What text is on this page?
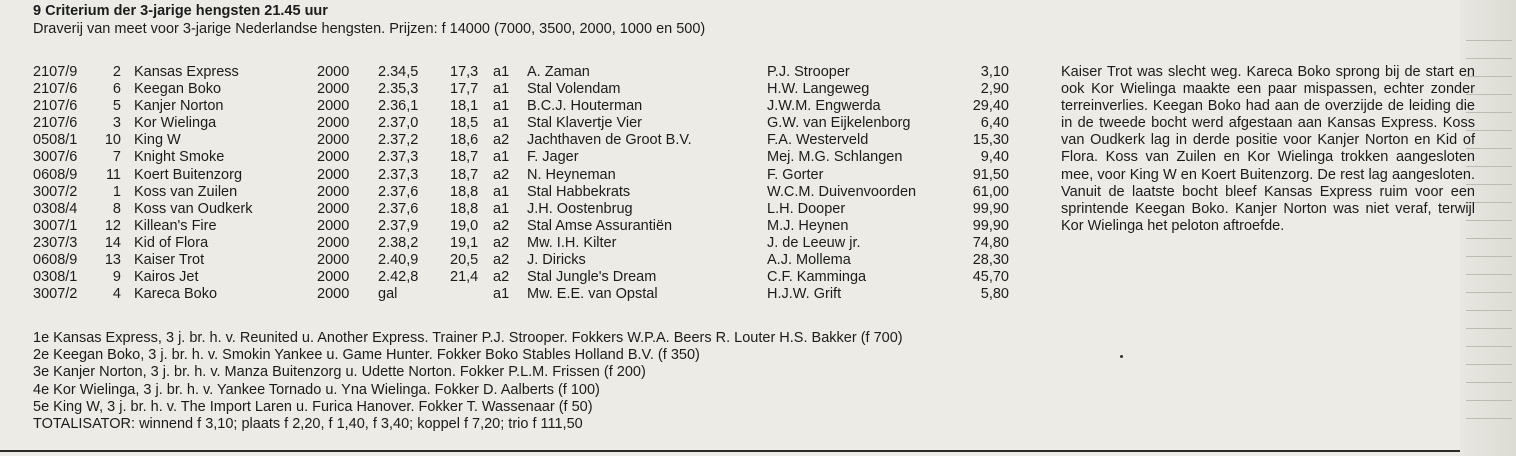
9 Criterium der 3-jarige hengsten 21.45 uur
Draverij van meet voor 3-jarige Nederlandse hengsten. Prijzen: f 14000 (7000, 3500, 2000, 1000 en 500)
2107/9	2 Kansas Express	2000 2.34,5 17,3 a1 A. Zaman	P.J. Strooper	3,10
2107/6	6 Keegan Boko	2000 2.35,3 17,7 a1 Stal Volendam	H.W. Langeweg	2,90
2107/6	5 Kanjer Norton	2000 2.36,1 18,1 a1 B.C.J. Houterman	J.W.M. Engwerda	29,40
2107/6	3 Kor Wielinga	2000 2.37,0 18,5 a1 Stal Klavertje Vier	G.W. van Eijkelenborg	6,40
0508/1	10 King W	2000 2.37,2 18,6 a2 Jachthaven de Groot B.V.	F.A. Westerveld	15,30
3007/6	7 Knight Smoke	2000 2.37,3 18,7 a1 F. Jager	Mej. M.G. Schlangen	9,40
0608/9	11 Koert Buitenzorg	2000 2.37,3 18,7 a2 N. Heyneman	F. Gorter	91,50
3007/2	1 Koss van Zuilen	2000 2.37,6 18,8 a1 Stal Habbekrats	W.C.M. Duivenvoorden	61,00
0308/4	8 Koss van Oudkerk	2000 2.37,6 18,8 a1 J.H. Oostenbrug	L.H. Dooper	99,90
3007/1	12 Killean's Fire	2000 2.37,9 19,0 a2 Stal Amse Assurantiën	M.J. Heynen	99,90
2307/3	14 Kid of Flora	2000 2.38,2 19,1 a2 Mw. I.H. Kilter	J. de Leeuw jr.	74,80
0608/9	13 Kaiser Trot	2000 2.40,9 20,5 a2 J. Diricks	A.J. Mollema	28,30
0308/1	9 Kairos Jet	2000 2.42,8 21,4 a2 Stal Jungle's Dream	C.F. Kamminga	45,70
3007/2	4 Kareca Boko	2000 gal	a1 Mw. E.E. van Opstal	H.J.W. Grift	5,80

Kaiser Trot was slecht weg. Kareca Boko sprong bij de start en ook Kor Wielinga maakte een paar mispassen, echter zonder terreinverlies. Keegan Boko had aan de overzijde de leiding die in de tweede bocht werd afgestaan aan Kansas Express. Koss van Oudkerk lag in derde positie voor Kanjer Norton en Kid of Flora. Koss van Zuilen en Kor Wielinga trokken aangesloten mee, voor King W en Koert Buitenzorg. De rest lag aangesloten. Vanuit de laatste bocht bleef Kansas Express ruim voor een sprintende Keegan Boko. Kanjer Norton was niet veraf, terwijl Kor Wielinga het peloton aftroefde.

1e Kansas Express, 3 j. br. h. v. Reunited u. Another Express. Trainer P.J. Strooper. Fokkers W.P.A. Beers R. Louter H.S. Bakker (f 700)
2e Keegan Boko, 3 j. br. h. v. Smokin Yankee u. Game Hunter. Fokker Boko Stables Holland B.V. (f 350)
3e Kanjer Norton, 3 j. br. h. v. Manza Buitenzorg u. Udette Norton. Fokker P.L.M. Frissen (f 200)
4e Kor Wielinga, 3 j. br. h. v. Yankee Tornado u. Yna Wielinga. Fokker D. Aalberts (f 100)
5e King W, 3 j. br. h. v. The Import Laren u. Furica Hanover. Fokker T. Wassenaar (f 50)
TOTALISATOR: winnend f 3,10; plaats f 2,20, f 1,40, f 3,40; koppel f 7,20; trio f 111,50
